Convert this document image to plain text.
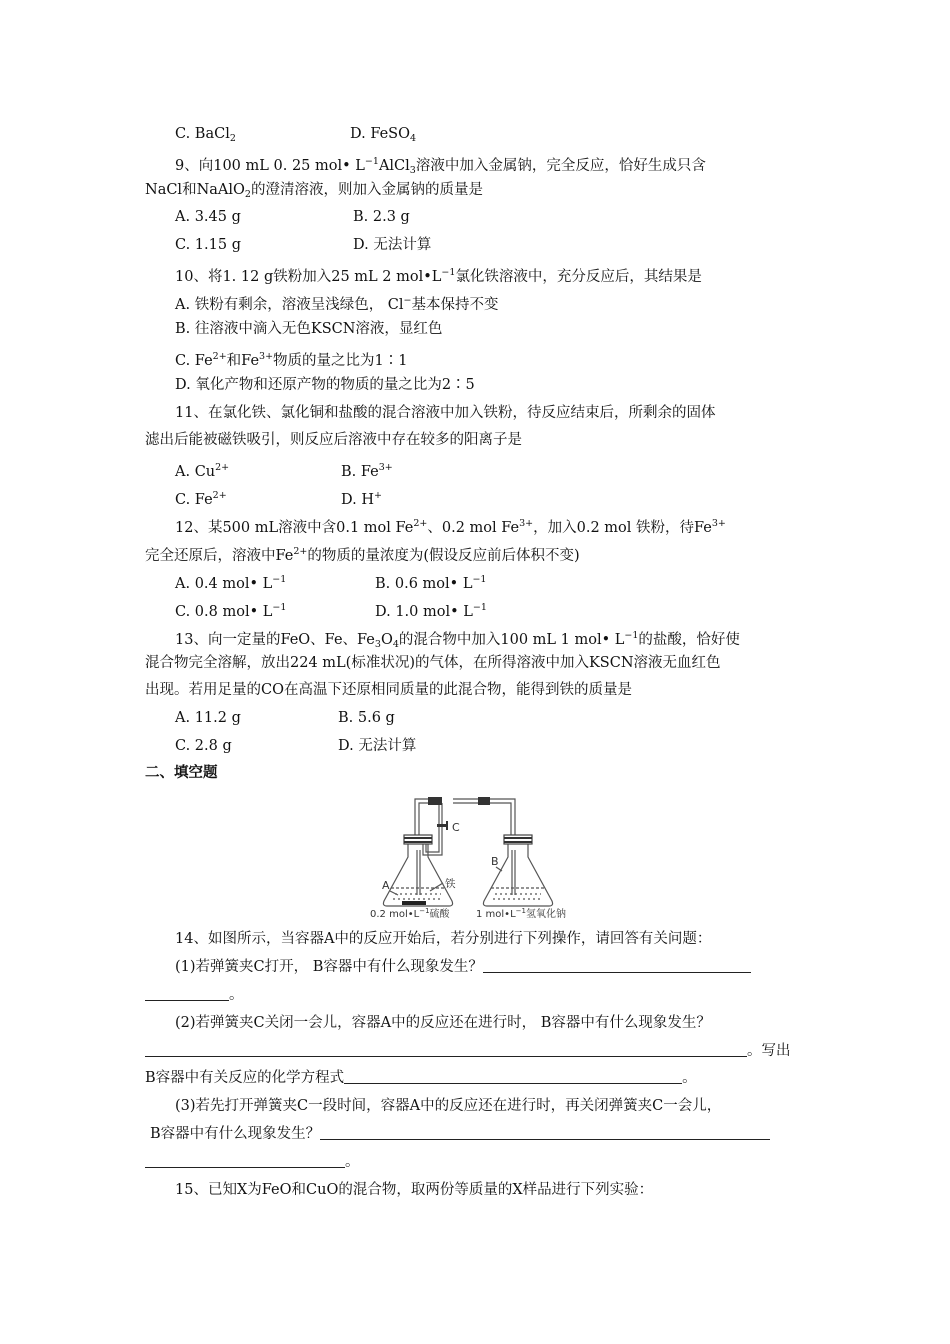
C. BaCl$_2$	D. FeSO$_4$
9、向100 mL 0. 25 mol• $L^{-1}AlCl_3$溶液中加入金属钠，完全反应，恰好生成只含
NaCl和NaAlO$_2$的澄清溶液，则加入金属钠的质量是
A. 3.45 g	B. 2.3 g
C. 1.15 g	D. 无法计算
10、将1. 12 g铁粉加入25 mL 2 $mol•L^{-1}$氯化铁溶液中，充分反应后，其结果是
A. 铁粉有剩余，溶液呈浅绿色， Cl−基本保持不变
B. 往溶液中滴入无色KSCN溶液，显红色
C. $Fe^{2+}$和$Fe^{3+}$物质的量之比为1∶1
D. 氧化产物和还原产物的物质的量之比为2∶5
11、在氯化铁、氯化铜和盐酸的混合溶液中加入铁粉，待反应结束后，所剩余的固体
滤出后能被磁铁吸引，则反应后溶液中存在较多的阳离子是
A. $Cu^{2+}$	B. $Fe^{3+}$
C. $Fe^{2+}$	D. H+
12、某500 mL溶液中含0.1 mol $Fe^{2+}$、0.2 mol $Fe^{3+}$，加入0.2 mol 铁粉，待$Fe^{3+}$
完全还原后，溶液中$Fe^{2+}$的物质的量浓度为(假设反应前后体积不变)
A. 0.4 mol• $L^{-1}$	B. 0.6 mol• $L^{-1}$
C. 0.8 mol• $L^{-1}$	D. 1.0 mol• $L^{-1}$
13、向一定量的FeO、Fe、$Fe_3O_4$的混合物中加入100 mL 1 mol• $L^{-1}$的盐酸，恰好使
混合物完全溶解，放出224 mL(标准状况)的气体，在所得溶液中加入KSCN溶液无血红色
出现。若用足量的CO在高温下还原相同质量的此混合物，能得到铁的质量是
A. 11.2 g	B. 5.6 g
C. 2.8 g	D. 无法计算
二、填空题
C
A
B
铁
0.2 $mol•L^{-1}$硫酸	1 $mol•L^{-1}$氢氧化钠
14、如图所示，当容器A中的反应开始后，若分别进行下列操作，请回答有关问题：
(1)若弹簧夹C打开， B容器中有什么现象发生？
。
(2)若弹簧夹C关闭一会儿，容器A中的反应还在进行时， B容器中有什么现象发生？
。写出
B容器中有关反应的化学方程式	。
(3)若先打开弹簧夹C一段时间，容器A中的反应还在进行时，再关闭弹簧夹C一会儿，
B容器中有什么现象发生？
。
15、已知X为FeO和CuO的混合物，取两份等质量的X样品进行下列实验：
